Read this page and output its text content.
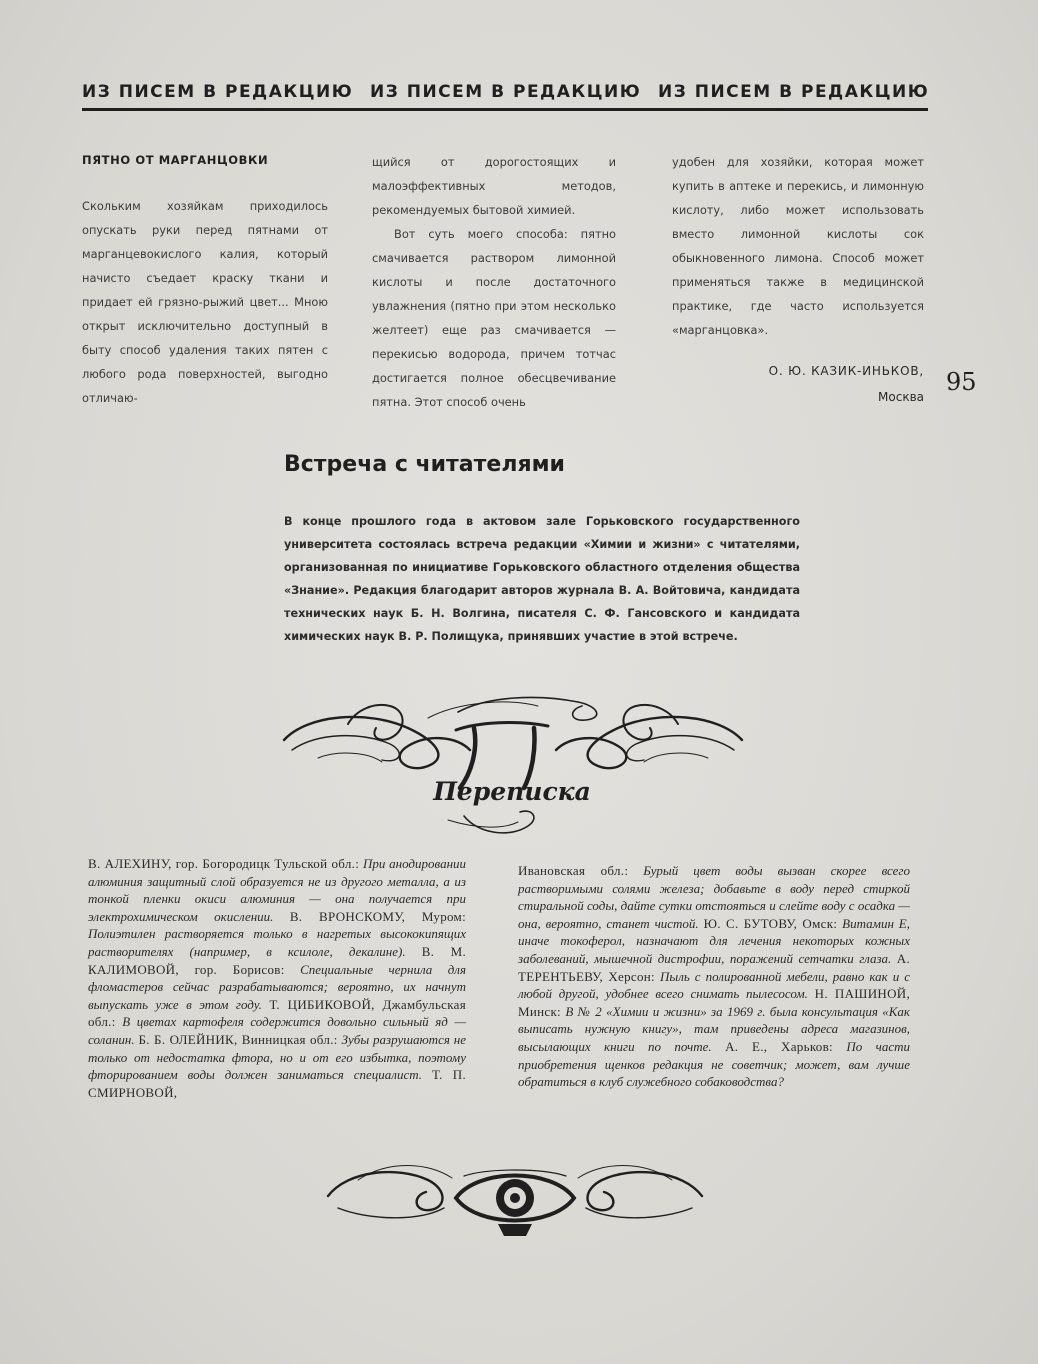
ИЗ ПИСЕМ В РЕДАКЦИЮ ИЗ ПИСЕМ В РЕДАКЦИЮ ИЗ ПИСЕМ В РЕДАКЦИЮ

ПЯТНО ОТ МАРГАНЦОВКИ

Скольким хозяйкам приходилось опускать руки перед пятнами от марганцевокислого калия, который начисто съедает краску ткани и придает ей грязно-рыжий цвет... Мною открыт исключительно доступный в быту способ удаления таких пятен с любого рода поверхностей, выгодно отличаю-

щийся от дорогостоящих и малоэффективных методов, рекомендуемых бытовой химией.

Вот суть моего способа: пятно смачивается раствором лимонной кислоты и после достаточного увлажнения (пятно при этом несколько желтеет) еще раз смачивается — перекисью водорода, причем тотчас достигается полное обесцвечивание пятна. Этот способ очень

удобен для хозяйки, которая может купить в аптеке и перекись, и лимонную кислоту, либо может использовать вместо лимонной кислоты сок обыкновенного лимона. Способ может применяться также в медицинской практике, где часто используется «марганцовка».

О. Ю. КАЗИК-ИНЬКОВ,
Москва
95
Встреча с читателями
В конце прошлого года в актовом зале Горьковского государственного университета состоялась встреча редакции «Химии и жизни» с читателями, организованная по инициативе Горьковского областного отделения общества «Знание». Редакция благодарит авторов журнала В. А. Войтовича, кандидата технических наук Б. Н. Волгина, писателя С. Ф. Гансовского и кандидата химических наук В. Р. Полищука, принявших участие в этой встрече.
Переписка
В. АЛЕХИНУ, гор. Богородицк Тульской обл.: При анодировании алюминия защитный слой образуется не из другого металла, а из тонкой пленки окиси алюминия — она получается при электрохимическом окислении. В. ВРОНСКОМУ, Муром: Полиэтилен растворяется только в нагретых высококипящих растворителях (например, в ксилоле, декалине). В. М. КАЛИМОВОЙ, гор. Борисов: Специальные чернила для фломастеров сейчас разрабатываются; вероятно, их начнут выпускать уже в этом году. Т. ЦИБИКОВОЙ, Джамбульская обл.: В цветах картофеля содержится довольно сильный яд — соланин. Б. Б. ОЛЕЙНИК, Винницкая обл.: Зубы разрушаются не только от недостатка фтора, но и от его избытка, поэтому фторированием воды должен заниматься специалист. Т. П. СМИРНОВОЙ,
Ивановская обл.: Бурый цвет воды вызван скорее всего растворимыми солями железа; добавьте в воду перед стиркой стиральной соды, дайте сутки отстояться и слейте воду с осадка — она, вероятно, станет чистой. Ю. С. БУТОВУ, Омск: Витамин Е, иначе токоферол, назначают для лечения некоторых кожных заболеваний, мышечной дистрофии, поражений сетчатки глаза. А. ТЕРЕНТЬЕВУ, Херсон: Пыль с полированной мебели, равно как и с любой другой, удобнее всего снимать пылесосом. Н. ПАШИНОЙ, Минск: В № 2 «Химии и жизни» за 1969 г. была консультация «Как выписать нужную книгу», там приведены адреса магазинов, высылающих книги по почте. А. Е., Харьков: По части приобретения щенков редакция не советчик; может, вам лучше обратиться в клуб служебного собаководства?
